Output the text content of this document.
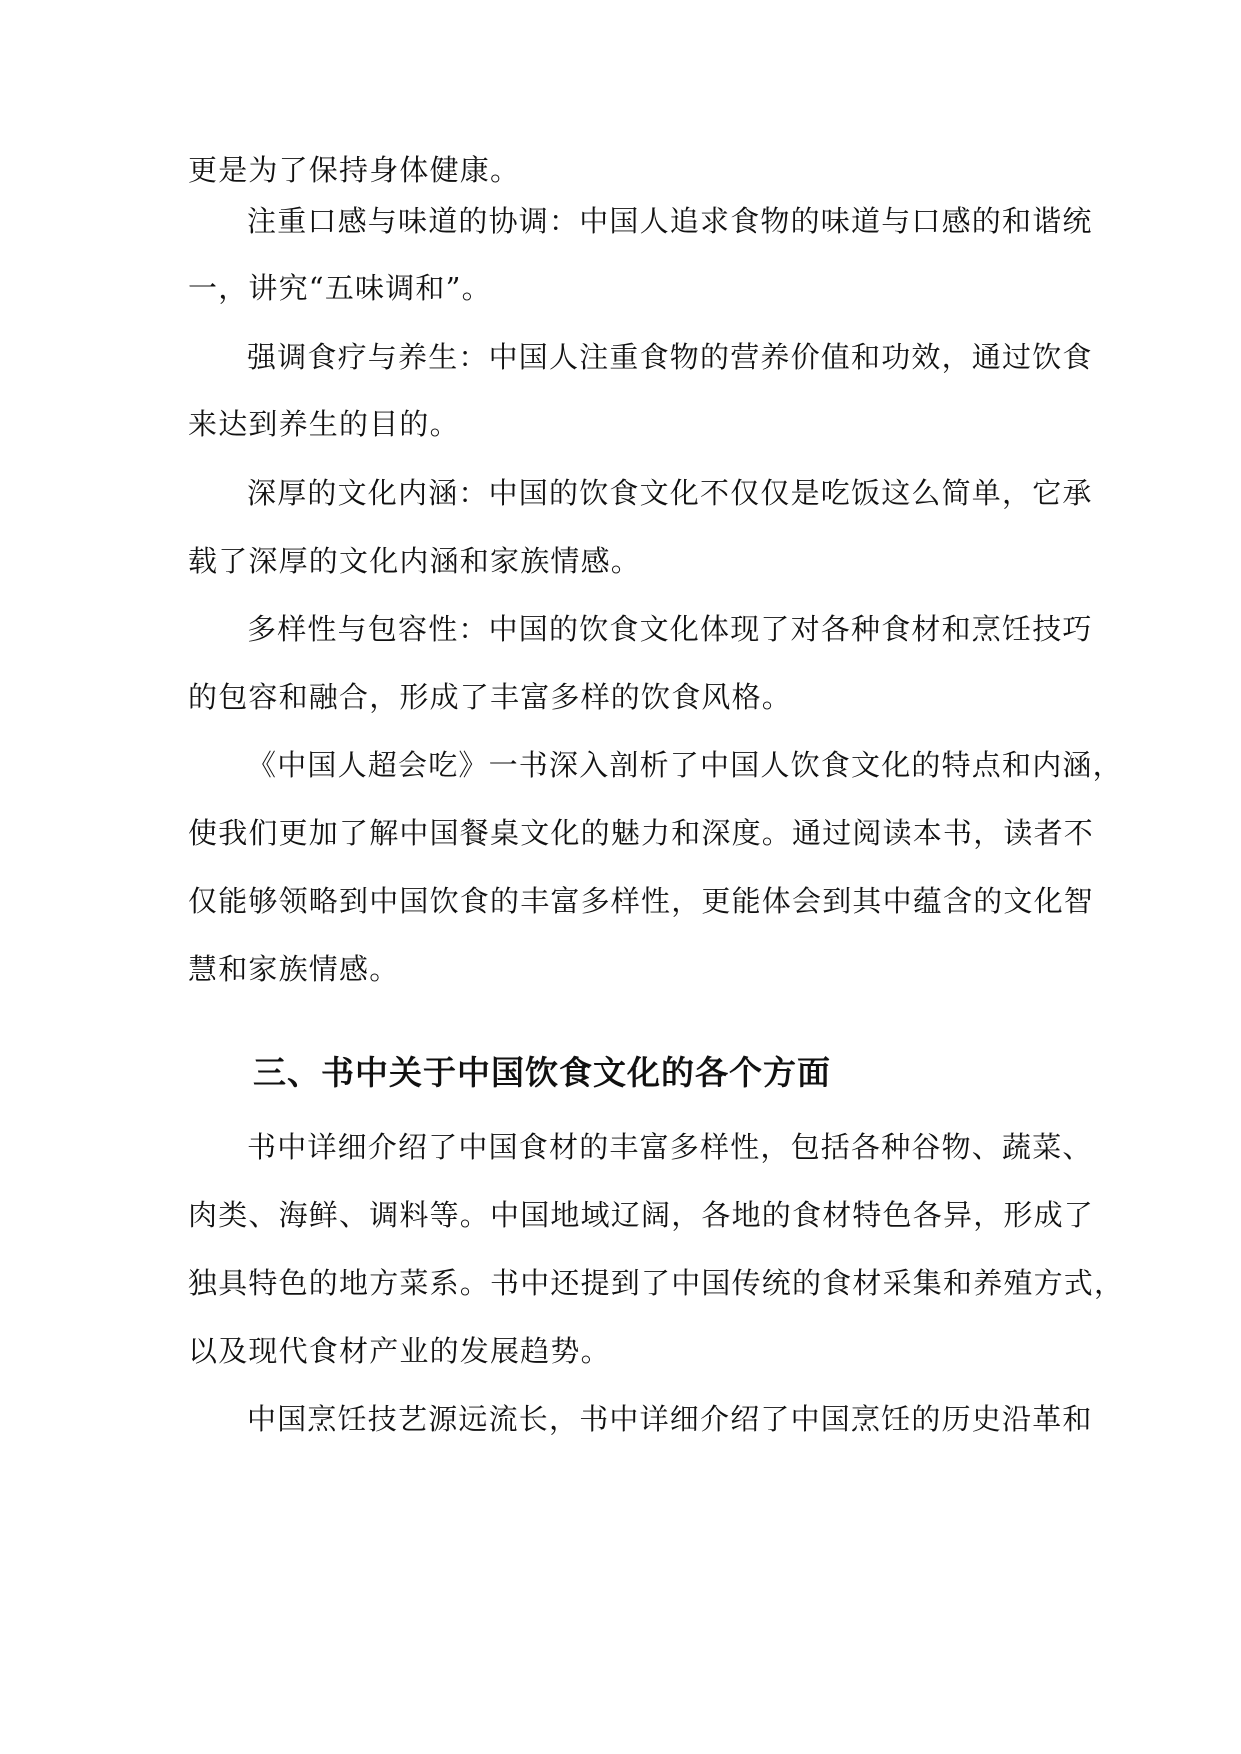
更是为了保持身体健康。
注重口感与味道的协调：中国人追求食物的味道与口感的和谐统
一，讲究“五味调和”。
强调食疗与养生：中国人注重食物的营养价值和功效，通过饮食
来达到养生的目的。
深厚的文化内涵：中国的饮食文化不仅仅是吃饭这么简单，它承
载了深厚的文化内涵和家族情感。
多样性与包容性：中国的饮食文化体现了对各种食材和烹饪技巧
的包容和融合，形成了丰富多样的饮食风格。
《中国人超会吃》一书深入剖析了中国人饮食文化的特点和内涵，
使我们更加了解中国餐桌文化的魅力和深度。通过阅读本书，读者不
仅能够领略到中国饮食的丰富多样性，更能体会到其中蕴含的文化智
慧和家族情感。
三、书中关于中国饮食文化的各个方面
书中详细介绍了中国食材的丰富多样性，包括各种谷物、蔬菜、
肉类、海鲜、调料等。中国地域辽阔，各地的食材特色各异，形成了
独具特色的地方菜系。书中还提到了中国传统的食材采集和养殖方式，
以及现代食材产业的发展趋势。
中国烹饪技艺源远流长，书中详细介绍了中国烹饪的历史沿革和
